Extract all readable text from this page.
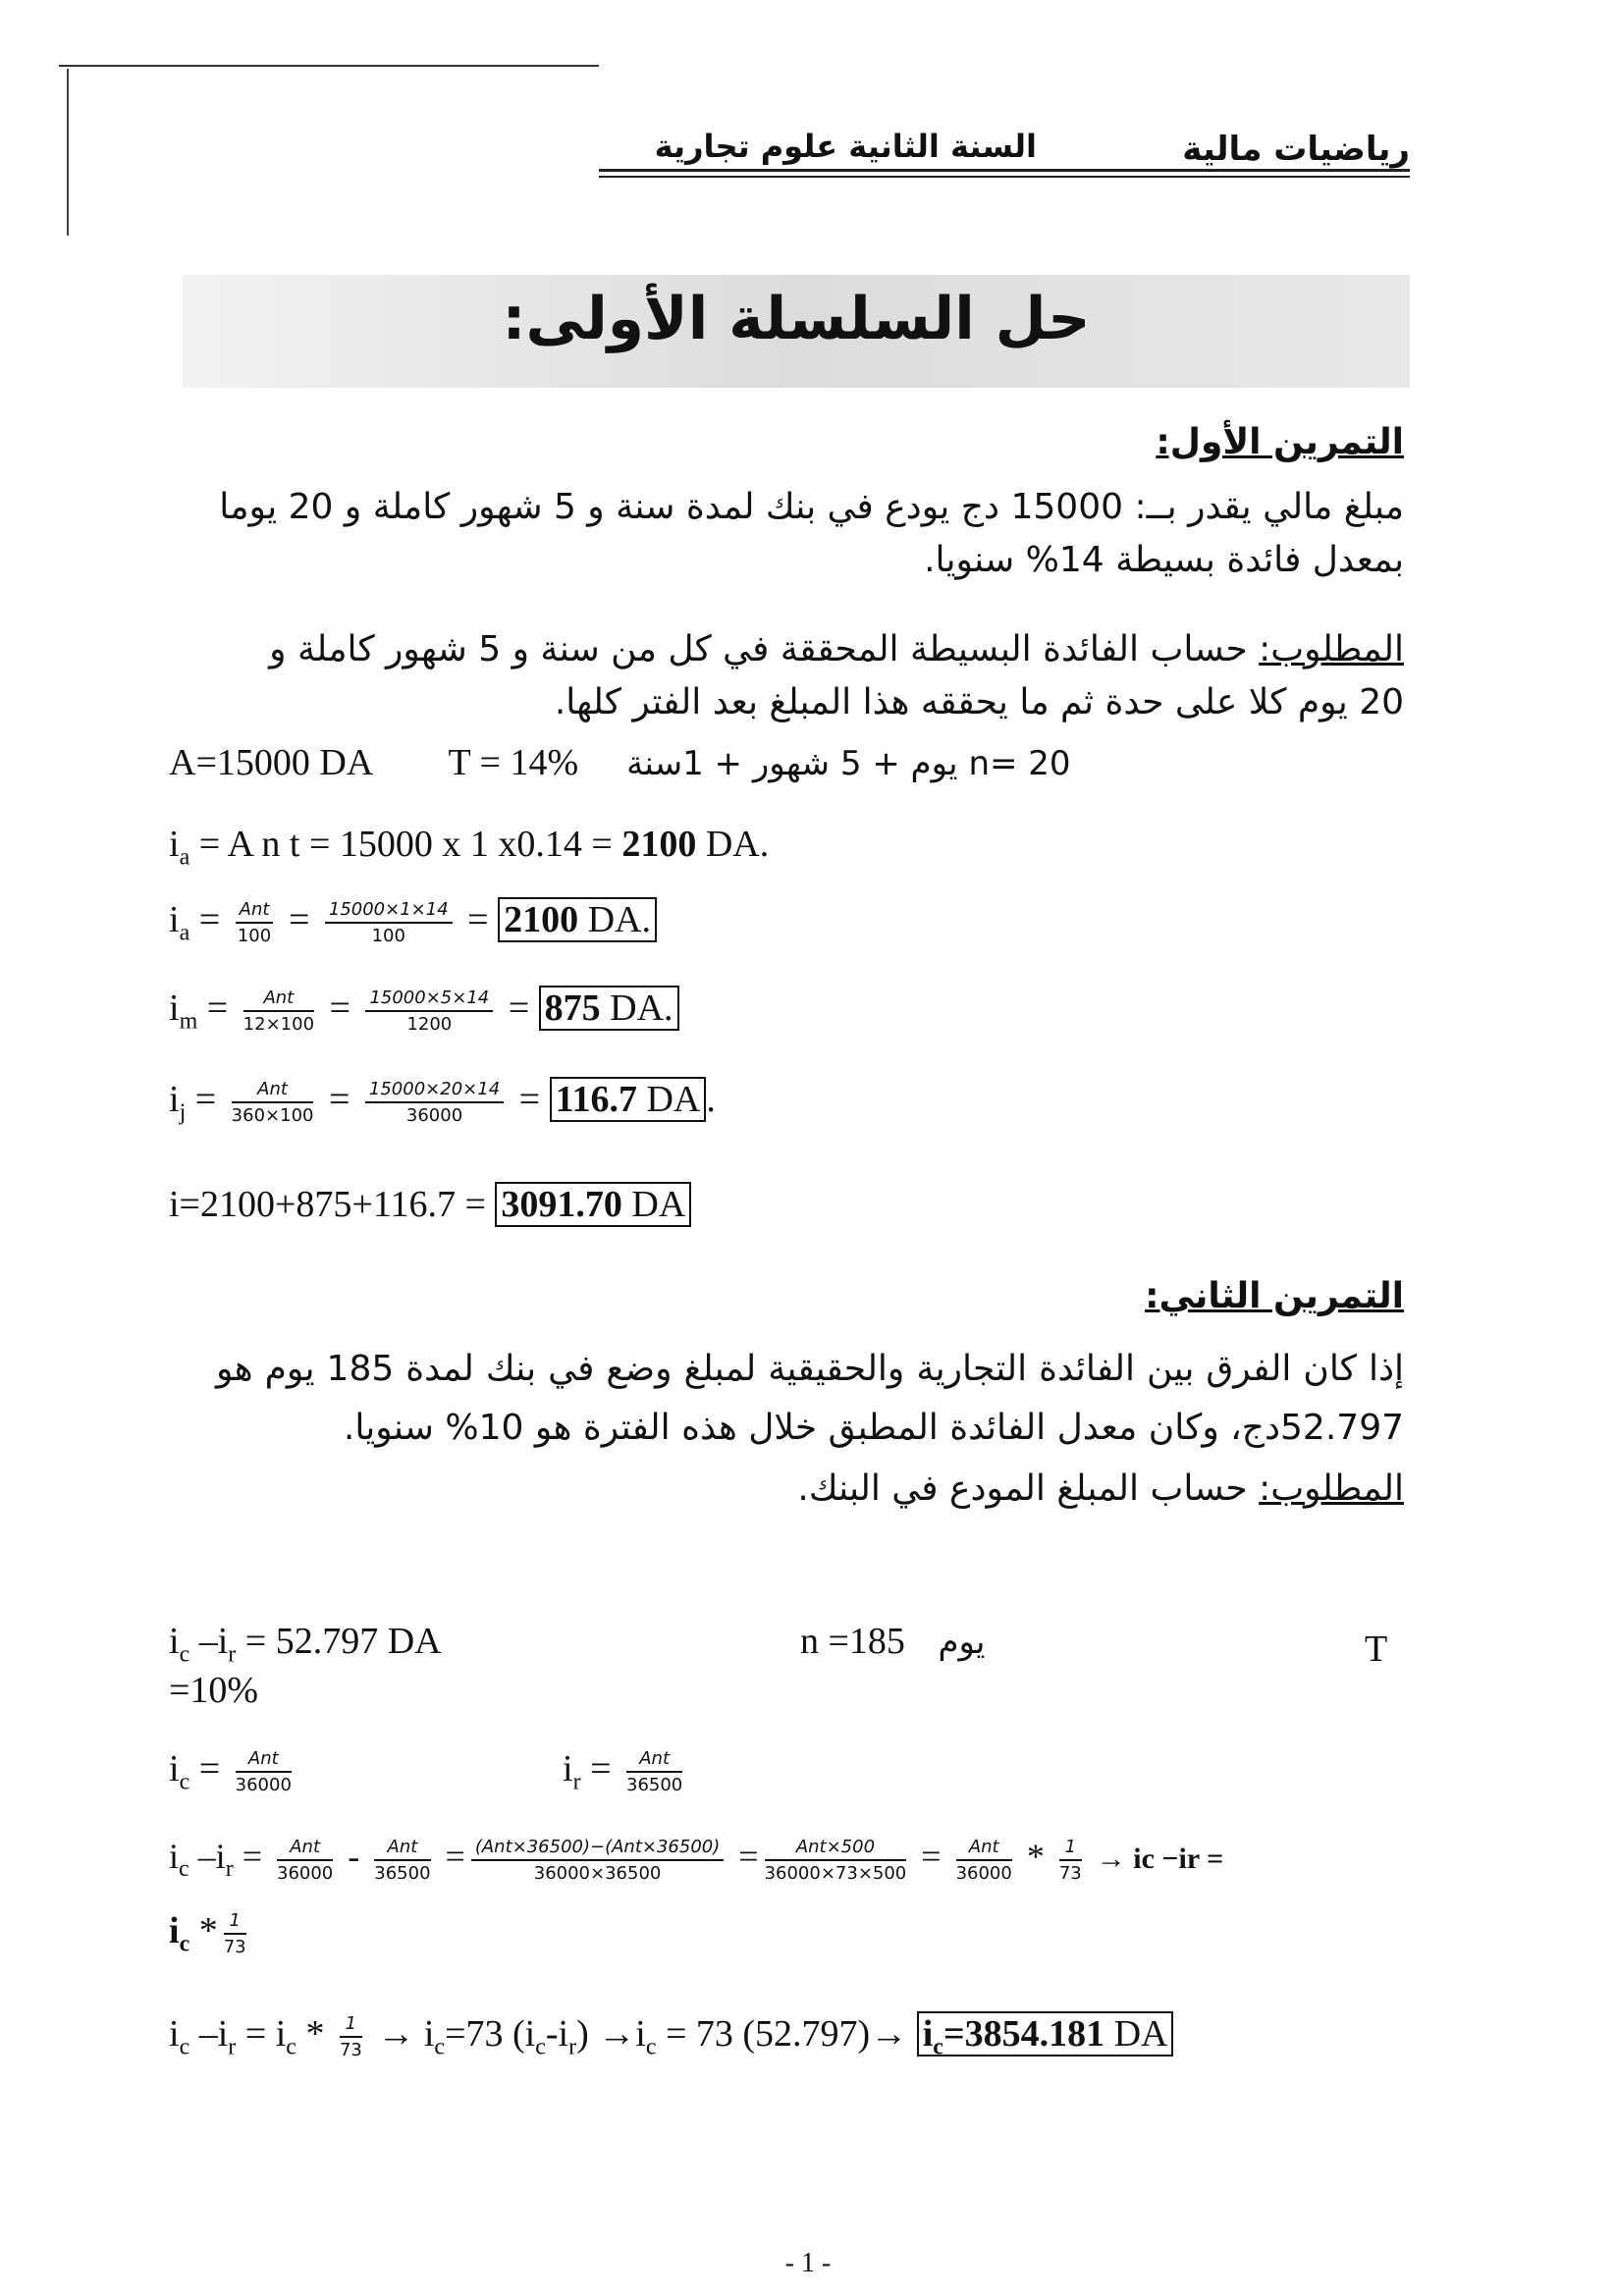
رياضيات مالية
السنة الثانية علوم تجارية
حل السلسلة الأولى:
التمرين الأول:
مبلغ مالي يقدر بــ: 15000 دج يودع في بنك لمدة سنة و 5 شهور كاملة و 20 يوما بمعدل فائدة بسيطة 14% سنويا.
المطلوب: حساب الفائدة البسيطة المحققة في كل من سنة و 5 شهور كاملة و 20 يوم كلا على حدة ثم ما يحققه هذا المبلغ بعد الفتر كلها.
A=15000 DA T = 14% n= 20 يوم + 5 شهور + 1سنة
$i_a = A$ n t = 15000 x 1 x0.14 = 2100 DA.
$i_a = \frac{\text{Ant}}{100} = \frac{15000\times 1\times 14}{100} = 2100$ DA.
$i_m = \frac{\text{Ant}}{12\times 100} = \frac{15000\times 5\times 14}{1200} = 875$ DA.
$i_j = \frac{\text{Ant}}{360\times 100} = \frac{15000\times 20\times 14}{36000} = 116.7$ DA .
i=2100+875+116.7 = 3091.70 DA
التمرين الثاني:
إذا كان الفرق بين الفائدة التجارية والحقيقية لمبلغ وضع في بنك لمدة 185 يوم هو 52.797دج، وكان معدل الفائدة المطبق خلال هذه الفترة هو 10% سنويا.
المطلوب: حساب المبلغ المودع في البنك.
$i_c$ $-i_r = 52.797$ DA
=10%
n =185 يوم	T
$i_c = \frac{\text{Ant}}{36000}$	$i_r = \frac{\text{Ant}}{36500}$
$i_c$ $-i_r = \frac{\text{Ant}}{36000} - \frac{\text{Ant}}{36500} = \frac{\text{(Ant×36500)−(Ant×36500)}}{36000\times 36500} = \frac{\text{Ant×500}}{36000\times 73\times 500} = \frac{\text{Ant}}{36000} * \frac{1}{73}$ → ic −ir =
$i_c * \frac{1}{73}$
$i_c$ $-i_r = i_c * \frac{1}{73} \to i_c=73$ $(i_c-i_r) \to i_c = 73$ $(52.797)\to i_c=3854.181$ DA
- 1 -
